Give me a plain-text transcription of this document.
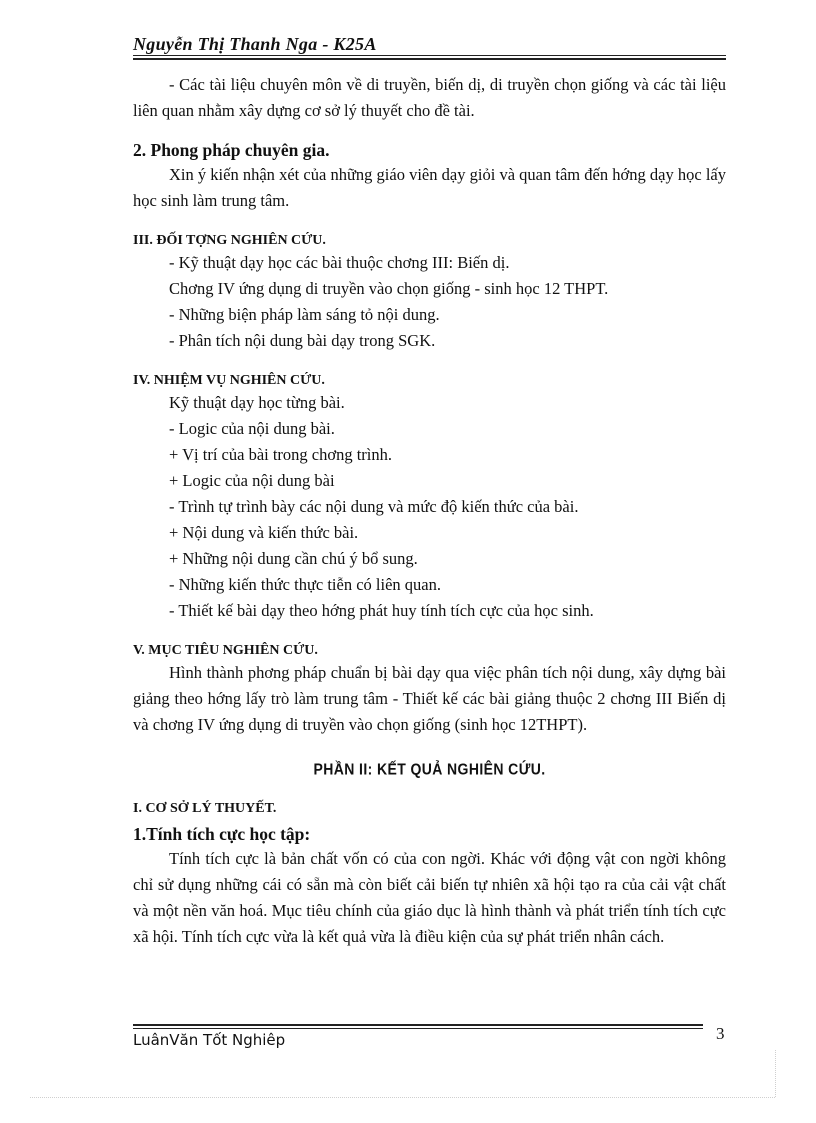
Nguyễn Thị Thanh Nga - K25A

- Các tài liệu chuyên môn về di truyền, biến dị, di truyền chọn giống và các tài liệu liên quan nhằm xây dựng cơ sở lý thuyết cho đề tài.

2. Phong pháp chuyên gia.

Xin ý kiến nhận xét của những giáo viên dạy giỏi và quan tâm đến hớng dạy học lấy học sinh làm trung tâm.

III. ĐỐI TỢNG NGHIÊN CỨU.

- Kỹ thuật dạy học các bài thuộc chơng III: Biến dị.

Chơng IV ứng dụng di truyền vào chọn giống - sinh học 12 THPT.

- Những biện pháp làm sáng tỏ nội dung.

- Phân tích nội dung bài dạy trong SGK.

IV. NHIỆM VỤ NGHIÊN CỨU.

Kỹ thuật dạy học từng bài.

- Logic của nội dung bài.

+ Vị trí của bài trong chơng trình.

+ Logic của nội dung bài

- Trình tự trình bày các nội dung và mức độ kiến thức của bài.

+ Nội dung và kiến thức bài.

+ Những nội dung cần chú ý bổ sung.

- Những kiến thức thực tiễn có liên quan.

- Thiết kế bài dạy theo hớng phát huy tính tích cực của học sinh.

V. MỤC TIÊU NGHIÊN CỨU.

Hình thành phơng pháp chuẩn bị bài dạy qua việc phân tích nội dung, xây dựng bài giảng theo hớng lấy trò làm trung tâm - Thiết kế các bài giảng thuộc 2 chơng III Biến dị và chơng IV ứng dụng di truyền vào chọn giống (sinh học 12THPT).

PHẦN II: KẾT QUẢ NGHIÊN CỨU.

I. CƠ SỞ LÝ THUYẾT.

1.Tính tích cực học tập:

Tính tích cực là bản chất vốn có của con ngời. Khác với động vật con ngời không chỉ sử dụng những cái có sẵn mà còn biết cải biến tự nhiên xã hội tạo ra của cải vật chất và một nền văn hoá. Mục tiêu chính của giáo dục là hình thành và phát triển tính tích cực xã hội. Tính tích cực vừa là kết quả vừa là điều kiện của sự phát triển nhân cách.

LuânVăn Tốt Nghiêp	3
